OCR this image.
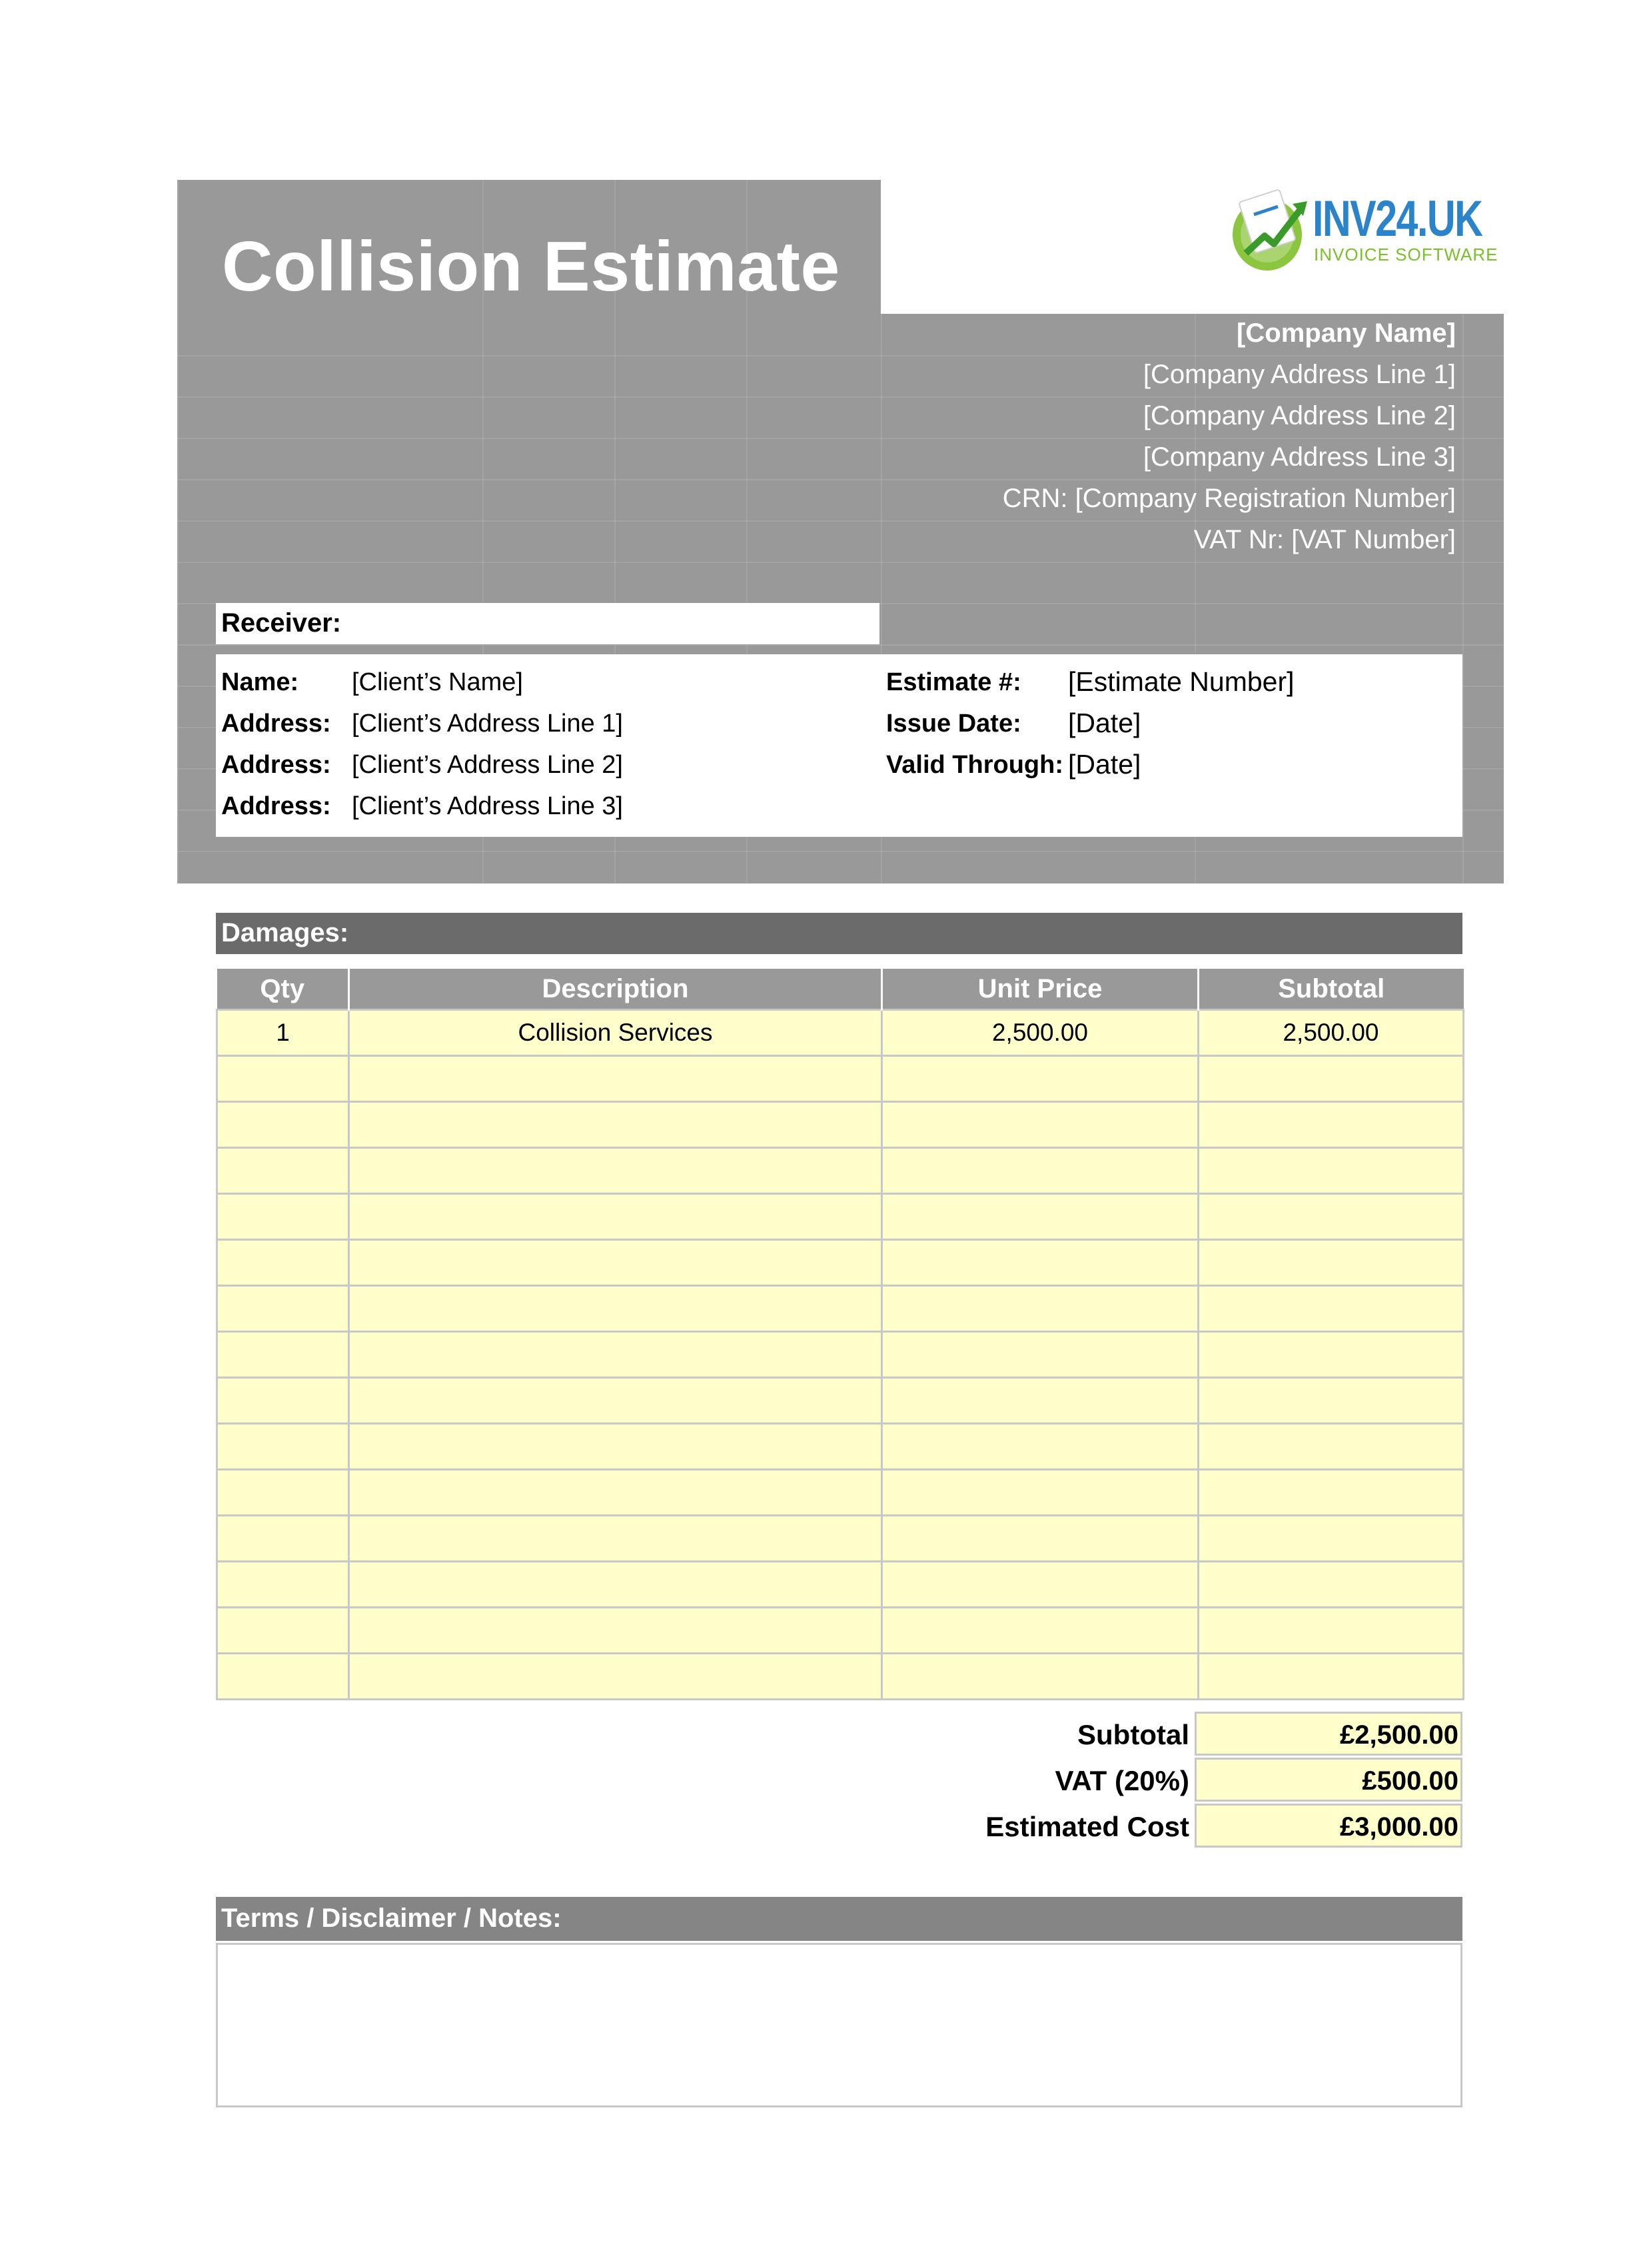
Collision Estimate
INV24.UK
INVOICE SOFTWARE
[Company Name]
[Company Address Line 1]
[Company Address Line 2]
[Company Address Line 3]
CRN: [Company Registration Number]
VAT Nr: [VAT Number]
Receiver:
Name: [Client’s Name]
Address: [Client’s Address Line 1]
Address: [Client’s Address Line 2]
Address: [Client’s Address Line 3]
Estimate #: [Estimate Number]
Issue Date: [Date]
Valid Through: [Date]
Damages:
Qty	Description	Unit Price	Subtotal
1	Collision Services	2,500.00	2,500.00

Subtotal	£2,500.00
VAT (20%)	£500.00
Estimated Cost	£3,000.00
Terms / Disclaimer / Notes:
